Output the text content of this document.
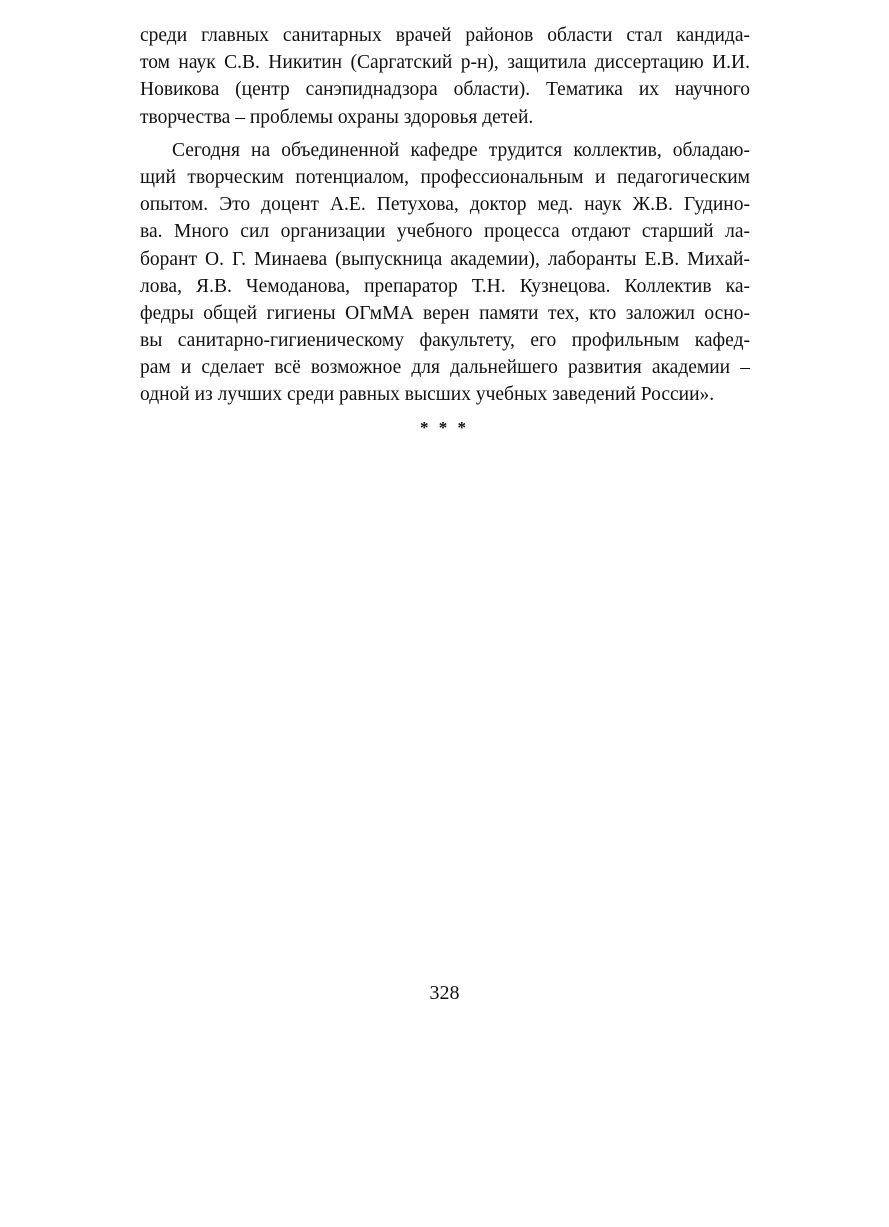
среди главных санитарных врачей районов области стал кандида-
том наук С.В. Никитин (Саргатский р-н), защитила диссертацию И.И.
Новикова (центр санэпиднадзора области). Тематика их научного
творчества – проблемы охраны здоровья детей.
Сегодня на объединенной кафедре трудится коллектив, обладаю-
щий творческим потенциалом, профессиональным и педагогическим
опытом. Это доцент А.Е. Петухова, доктор мед. наук Ж.В. Гудино-
ва. Много сил организации учебного процесса отдают старший ла-
борант О. Г. Минаева (выпускница академии), лаборанты Е.В. Михай-
лова, Я.В. Чемоданова, препаратор Т.Н. Кузнецова. Коллектив ка-
федры общей гигиены ОГмМА верен памяти тех, кто заложил осно-
вы санитарно-гигиеническому факультету, его профильным кафед-
рам и сделает всё возможное для дальнейшего развития академии –
одной из лучших среди равных высших учебных заведений России».
* * *
328
